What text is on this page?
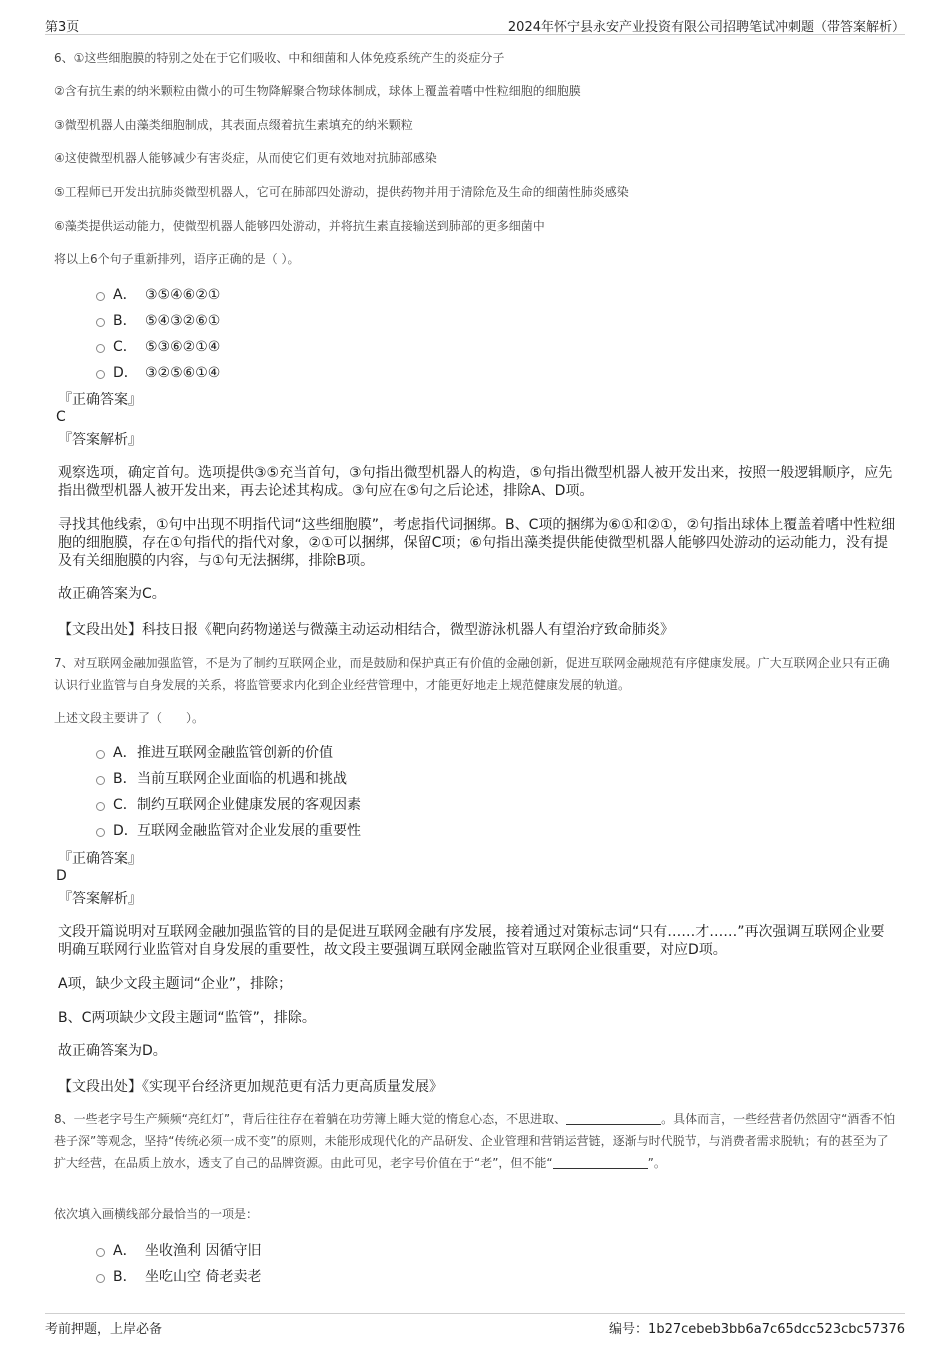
第3页	2024年怀宁县永安产业投资有限公司招聘笔试冲刺题（带答案解析）
6、①这些细胞膜的特别之处在于它们吸收、中和细菌和人体免疫系统产生的炎症分子
②含有抗生素的纳米颗粒由微小的可生物降解聚合物球体制成，球体上覆盖着嗜中性粒细胞的细胞膜
③微型机器人由藻类细胞制成，其表面点缀着抗生素填充的纳米颗粒
④这使微型机器人能够减少有害炎症，从而使它们更有效地对抗肺部感染
⑤工程师已开发出抗肺炎微型机器人，它可在肺部四处游动，提供药物并用于清除危及生命的细菌性肺炎感染
⑥藻类提供运动能力，使微型机器人能够四处游动，并将抗生素直接输送到肺部的更多细菌中
将以上6个句子重新排列，语序正确的是（ ）。
A． ③⑤④⑥②①
B． ⑤④③②⑥①
C． ⑤③⑥②①④
D． ③②⑤⑥①④
『正确答案』
C
『答案解析』
观察选项，确定首句。选项提供③⑤充当首句，③句指出微型机器人的构造，⑤句指出微型机器人被开发出来，按照一般逻辑顺序，应先指出微型机器人被开发出来，再去论述其构成。③句应在⑤句之后论述，排除A、D项。
寻找其他线索，①句中出现不明指代词“这些细胞膜”，考虑指代词捆绑。B、C项的捆绑为⑥①和②①，②句指出球体上覆盖着嗜中性粒细胞的细胞膜，存在①句指代的指代对象，②①可以捆绑，保留C项；⑥句指出藻类提供能使微型机器人能够四处游动的运动能力，没有提及有关细胞膜的内容，与①句无法捆绑，排除B项。
故正确答案为C。
【文段出处】科技日报《靶向药物递送与微藻主动运动相结合，微型游泳机器人有望治疗致命肺炎》
7、对互联网金融加强监管，不是为了制约互联网企业，而是鼓励和保护真正有价值的金融创新，促进互联网金融规范有序健康发展。广大互联网企业只有正确认识行业监管与自身发展的关系，将监管要求内化到企业经营管理中，才能更好地走上规范健康发展的轨道。
上述文段主要讲了（　　）。
A．推进互联网金融监管创新的价值
B．当前互联网企业面临的机遇和挑战
C．制约互联网企业健康发展的客观因素
D．互联网金融监管对企业发展的重要性
『正确答案』
D
『答案解析』
文段开篇说明对互联网金融加强监管的目的是促进互联网金融有序发展，接着通过对策标志词“只有……才……”再次强调互联网企业要明确互联网行业监管对自身发展的重要性，故文段主要强调互联网金融监管对互联网企业很重要，对应D项。
A项，缺少文段主题词“企业”，排除；
B、C两项缺少文段主题词“监管”，排除。
故正确答案为D。
【文段出处】《实现平台经济更加规范更有活力更高质量发展》
8、一些老字号生产频频“亮红灯”，背后往往存在着躺在功劳簿上睡大觉的惰怠心态，不思进取、	。具体而言，一些经营者仍然固守“酒香不怕巷子深”等观念，坚持“传统必须一成不变”的原则，未能形成现代化的产品研发、企业管理和营销运营链，逐渐与时代脱节，与消费者需求脱轨；有的甚至为了扩大经营，在品质上放水，透支了自己的品牌资源。由此可见，老字号价值在于“老”，但不能“	”。
依次填入画横线部分最恰当的一项是：
A． 坐收渔利 因循守旧
B． 坐吃山空 倚老卖老
考前押题，上岸必备	编号：1b27cebeb3bb6a7c65dcc523cbc57376
